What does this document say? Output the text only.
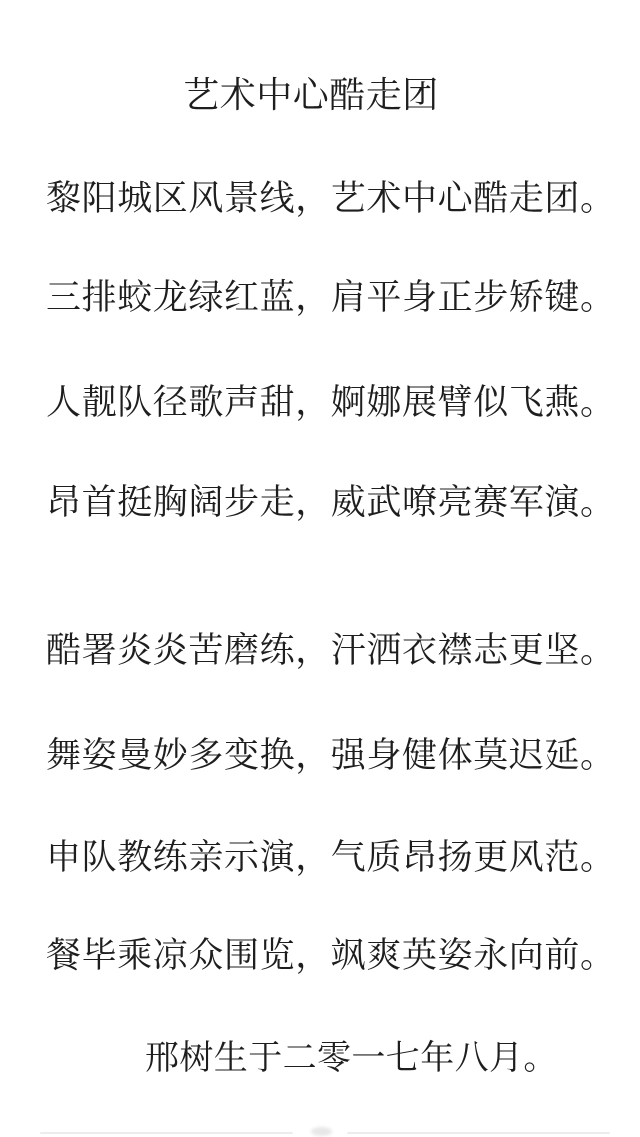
艺术中心酷走团

黎阳城区风景线，艺术中心酷走团。

三排蛟龙绿红蓝，肩平身正步矫键。

人靓队径歌声甜，婀娜展臂似飞燕。

昂首挺胸阔步走，威武嘹亮赛军演。

酷署炎炎苦磨练，汗洒衣襟志更坚。

舞姿曼妙多变换，强身健体莫迟延。

申队教练亲示演，气质昂扬更风范。

餐毕乘凉众围览，飒爽英姿永向前。

邢树生于二零一七年八月。
